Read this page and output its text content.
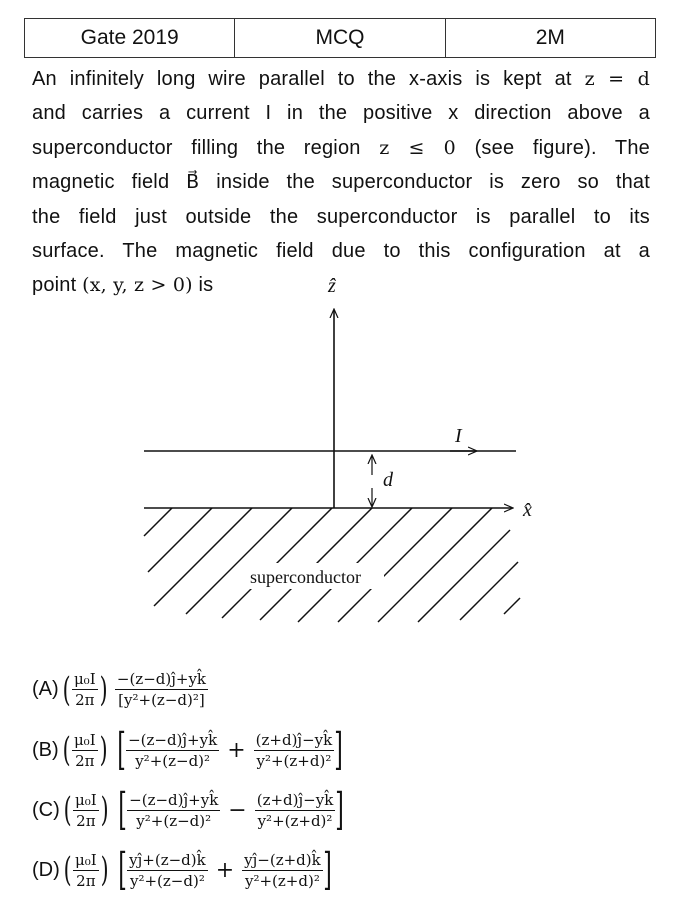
Gate 2019	MCQ	2M
An infinitely long wire parallel to the x-axis is kept at z = d
and carries a current I in the positive x direction above a
superconductor filling the region z ≤ 0 (see figure). The
magnetic field B⃗ inside the superconductor is zero so that
the field just outside the superconductor is parallel to its
surface. The magnetic field due to this configuration at a
point (x, y, z > 0) is	ẑ
I
d
x̂
superconductor
(A) ( $\frac{\text{μ₀I}}{2\pi}$ ) $\frac{-(z-d)ĵ+yk̂}{\text{[y²+(z−d)²]}}$
(B) ( $\frac{\text{μ₀I}}{2\pi}$ ) [ $\frac{-(z-d)ĵ+yk̂}{\text{y²+(z−d)²}} + \frac{(z+d)ĵ-yk̂}{\text{y²+(z+d)²}}$ ]
(C) ( $\frac{\text{μ₀I}}{2\pi}$ ) [ $\frac{-(z-d)ĵ+yk̂}{\text{y²+(z−d)²}} - \frac{(z+d)ĵ-yk̂}{\text{y²+(z+d)²}}$ ]
(D) ( $\frac{\text{μ₀I}}{2\pi}$ ) [ $\frac{yĵ+(z-d)k̂}{\text{y²+(z−d)²}} + \frac{yĵ-(z+d)k̂}{\text{y²+(z+d)²}}$ ]
